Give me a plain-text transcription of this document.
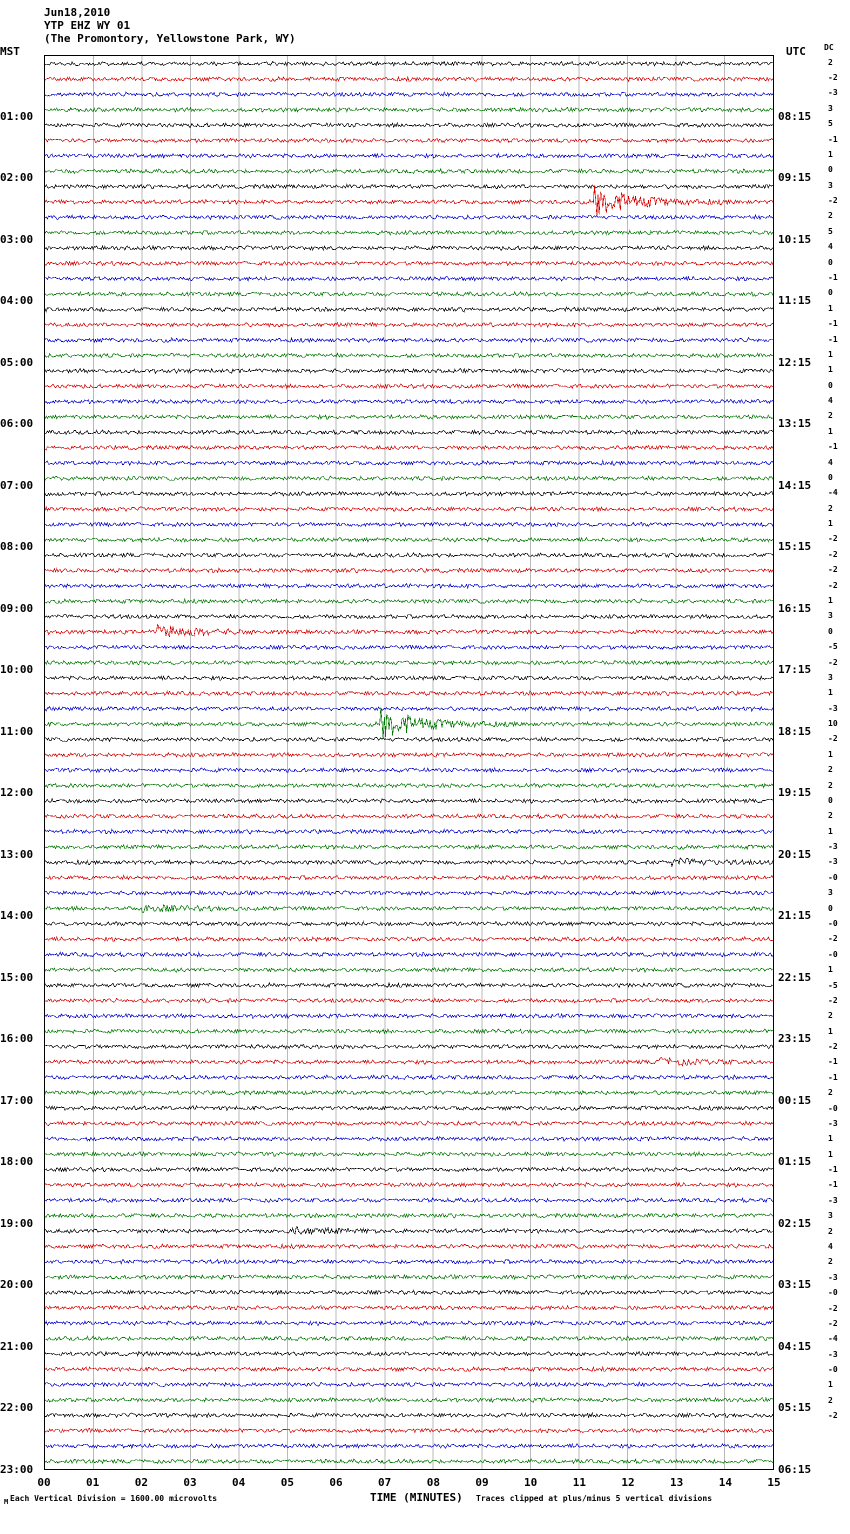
Jun18,2010
YTP EHZ WY 01
(The Promontory, Yellowstone Park, WY)
MST	UTC DC
01:00
02:00
03:00
04:00
05:00
06:00
07:00
08:00
09:00
10:00
11:00
12:00
13:00
14:00
15:00
16:00
17:00
18:00
19:00
20:00
21:00
22:00
23:00
08:15
09:15
10:15
11:15
12:15
13:15
14:15
15:15
16:15
17:15
18:15
19:15
20:15
21:15
22:15
23:15
00:15
01:15
02:15
03:15
04:15
05:15
06:15
2
-2
-3
3
5
-1
1
0
3
-2
2
5
4
0
-1
0
1
-1
-1
1
1
0
4
2
1
-1
4
0
-4
2
1
-2
-2
-2
-2
1
3
0
-5
-2
3
1
-3
10
-2
1
2
2
0
2
1
-3
-3
-0
3
0
-0
-2
-0
1
-5
-2
2
1
-2
-1
-1
2
-0
-3
1
1
-1
-1
-3
3
2
4
2
-3
-0
-2
-2
-4
-3
-0
1
2
-2
00	01	02	03	04	05	06	07	08	09	10	11	12	13	14	15
Each Vertical Division = 1600.00 microvolts	TIME (MINUTES) Traces clipped at plus/minus 5 vertical divisions
M
